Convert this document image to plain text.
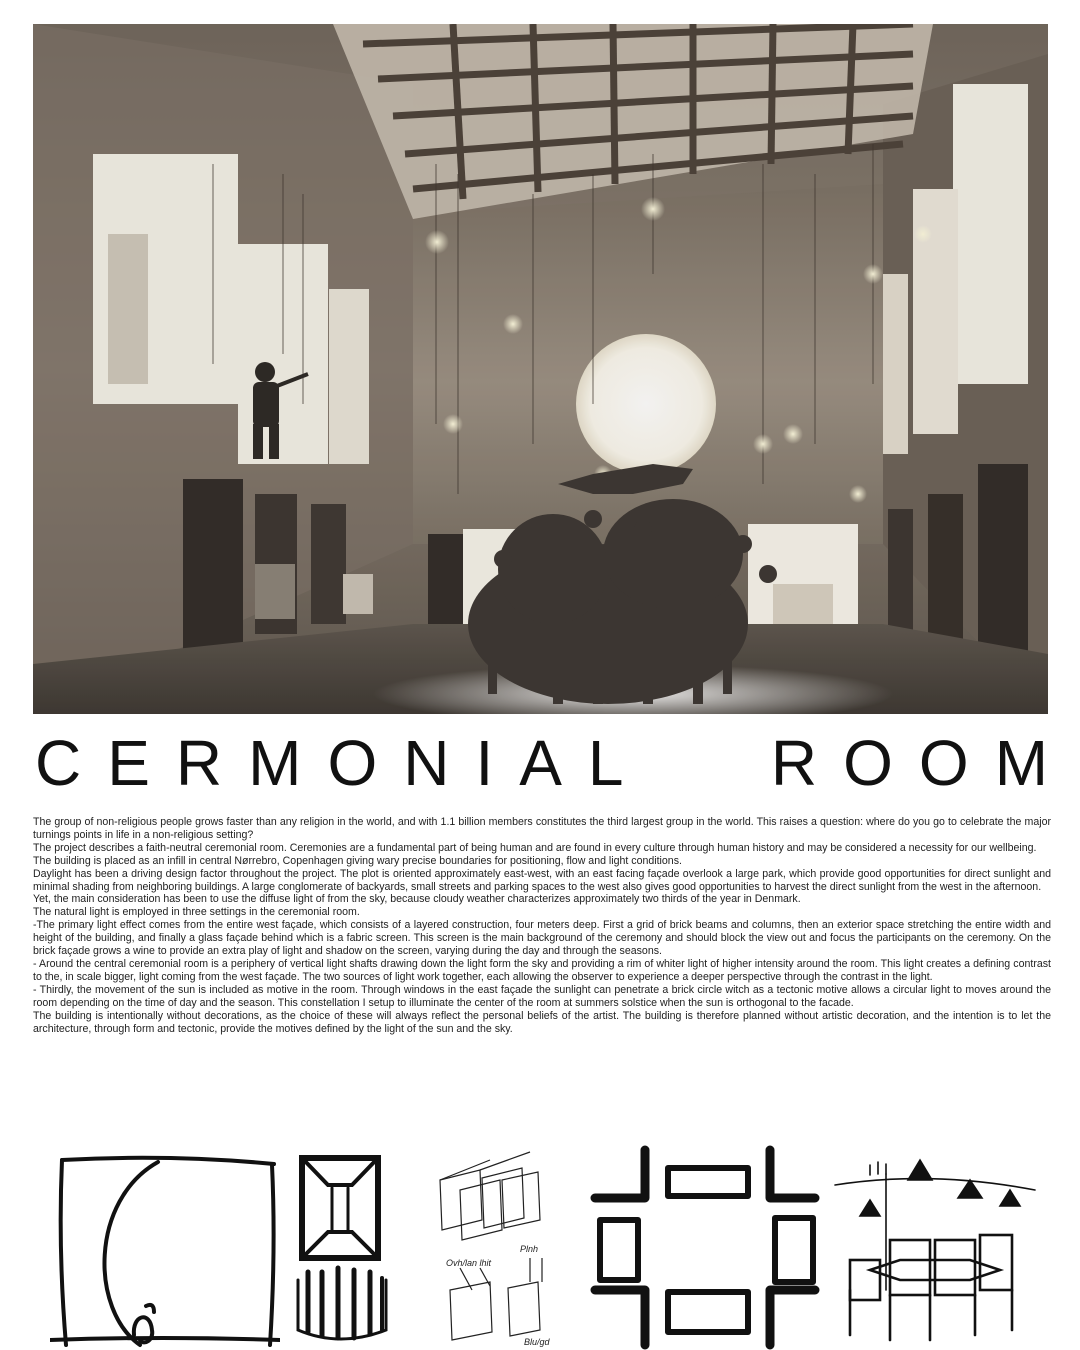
CERMONIAL ROOM

The group of non-religious people grows faster than any religion in the world, and with 1.1 billion members constitutes the third largest group in the world. This raises a question: where do you go to celebrate the major turnings points in life in a non-religious setting?

The project describes a faith-neutral ceremonial room. Ceremonies are a fundamental part of being human and are found in every culture through human history and may be considered a necessity for our wellbeing.

The building is placed as an infill in central Nørrebro, Copenhagen giving wary precise boundaries for positioning, flow and light conditions.

Daylight has been a driving design factor throughout the project. The plot is oriented approximately east-west, with an east facing façade overlook a large park, which provide good opportunities for direct sunlight and minimal shading from neighboring buildings. A large conglomerate of backyards, small streets and parking spaces to the west also gives good opportunities to harvest the direct sunlight from the west in the afternoon.

Yet, the main consideration has been to use the diffuse light of from the sky, because cloudy weather characterizes approximately two thirds of the year in Denmark.

The natural light is employed in three settings in the ceremonial room.

-The primary light effect comes from the entire west façade, which consists of a layered construction, four meters deep. First a grid of brick beams and columns, then an exterior space stretching the entire width and height of the building, and finally a glass façade behind which is a fabric screen. This screen is the main background of the ceremony and should block the view out and focus the participants on the ceremony. On the brick façade grows a wine to provide an extra play of light and shadow on the screen, varying during the day and through the seasons.

- Around the central ceremonial room is a periphery of vertical light shafts drawing down the light form the sky and providing a rim of whiter light of higher intensity around the room. This light creates a defining contrast to the, in scale bigger, light coming from the west façade. The two sources of light work together, each allowing the observer to experience a deeper perspective through the contrast in the light.

- Thirdly, the movement of the sun is included as motive in the room. Through windows in the east façade the sunlight can penetrate a brick circle witch as a tectonic motive allows a circular light to moves around the room depending on the time of day and the season. This constellation I setup to illuminate the center of the room at summers solstice when the sun is orthogonal to the facade.

The building is intentionally without decorations, as the choice of these will always reflect the personal beliefs of the artist. The building is therefore planned without artistic decoration, and the intention is to let the architecture, through form and tectonic, provide the motives defined by the light of the sun and the sky.

Ovh/lan lhit
Plnh
Blu/gd
